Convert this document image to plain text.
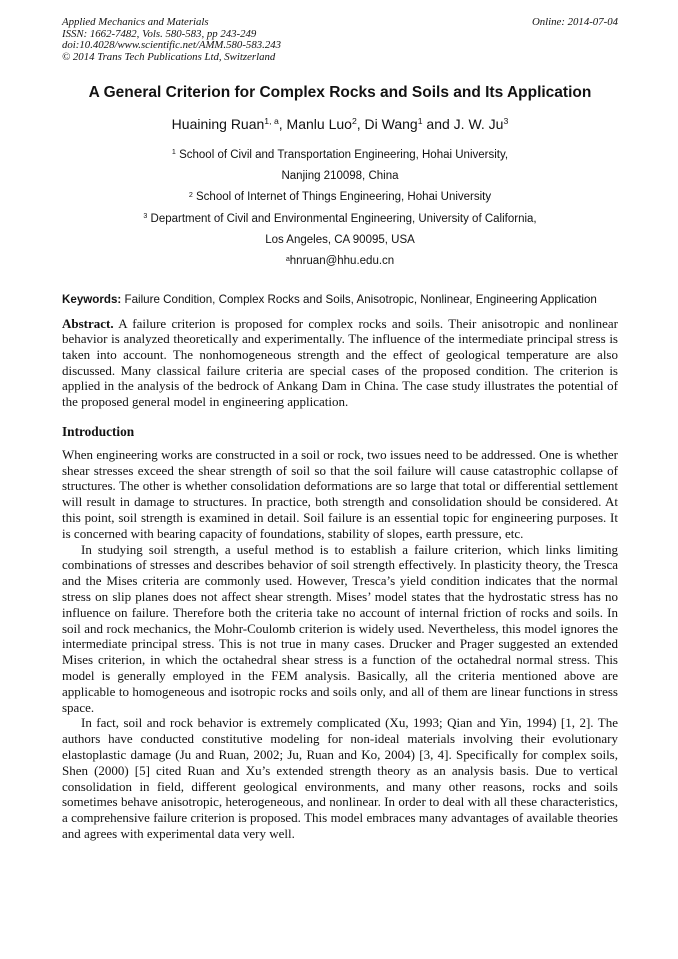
Applied Mechanics and Materials
ISSN: 1662-7482, Vols. 580-583, pp 243-249
doi:10.4028/www.scientific.net/AMM.580-583.243
© 2014 Trans Tech Publications Ltd, Switzerland
Online: 2014-07-04
A General Criterion for Complex Rocks and Soils and Its Application
Huaining Ruan$^{1, a}$, Manlu Luo$^2$, Di Wang$^1$ and J. W. Ju$^3$
$^1$ School of Civil and Transportation Engineering, Hohai University,
Nanjing 210098, China
$^2$ School of Internet of Things Engineering, Hohai University
$^3$ Department of Civil and Environmental Engineering, University of California,
Los Angeles, CA 90095, USA
$^a$hnruan@hhu.edu.cn
Keywords: Failure Condition, Complex Rocks and Soils, Anisotropic, Nonlinear, Engineering Application
Abstract. A failure criterion is proposed for complex rocks and soils. Their anisotropic and nonlinear behavior is analyzed theoretically and experimentally. The influence of the intermediate principal stress is taken into account. The nonhomogeneous strength and the effect of geological temperature are also discussed. Many classical failure criteria are special cases of the proposed condition. The criterion is applied in the analysis of the bedrock of Ankang Dam in China. The case study illustrates the potential of the proposed general model in engineering application.
Introduction

When engineering works are constructed in a soil or rock, two issues need to be addressed. One is whether shear stresses exceed the shear strength of soil so that the soil failure will cause catastrophic collapse of structures. The other is whether consolidation deformations are so large that total or differential settlement will result in damage to structures. In practice, both strength and consolidation should be considered. At this point, soil strength is examined in detail. Soil failure is an essential topic for engineering purposes. It is concerned with bearing capacity of foundations, stability of slopes, earth pressure, etc.

In studying soil strength, a useful method is to establish a failure criterion, which links limiting combinations of stresses and describes behavior of soil strength effectively. In plasticity theory, the Tresca and the Mises criteria are commonly used. However, Tresca’s yield condition indicates that the normal stress on slip planes does not affect shear strength. Mises’ model states that the hydrostatic stress has no influence on failure. Therefore both the criteria take no account of internal friction of rocks and soils. In soil and rock mechanics, the Mohr-Coulomb criterion is widely used. Nevertheless, this model ignores the intermediate principal stress. This is not true in many cases. Drucker and Prager suggested an extended Mises criterion, in which the octahedral shear stress is a function of the octahedral normal stress. This model is generally employed in the FEM analysis. Basically, all the criteria mentioned above are applicable to homogeneous and isotropic rocks and soils only, and all of them are linear functions in stress space.

In fact, soil and rock behavior is extremely complicated (Xu, 1993; Qian and Yin, 1994) [1, 2]. The authors have conducted constitutive modeling for non-ideal materials involving their evolutionary elastoplastic damage (Ju and Ruan, 2002; Ju, Ruan and Ko, 2004) [3, 4]. Specifically for complex soils, Shen (2000) [5] cited Ruan and Xu’s extended strength theory as an analysis basis. Due to vertical consolidation in field, different geological environments, and many other reasons, rocks and soils sometimes behave anisotropic, heterogeneous, and nonlinear. In order to deal with all these characteristics, a comprehensive failure criterion is proposed. This model embraces many advantages of available theories and agrees with experimental data very well.
